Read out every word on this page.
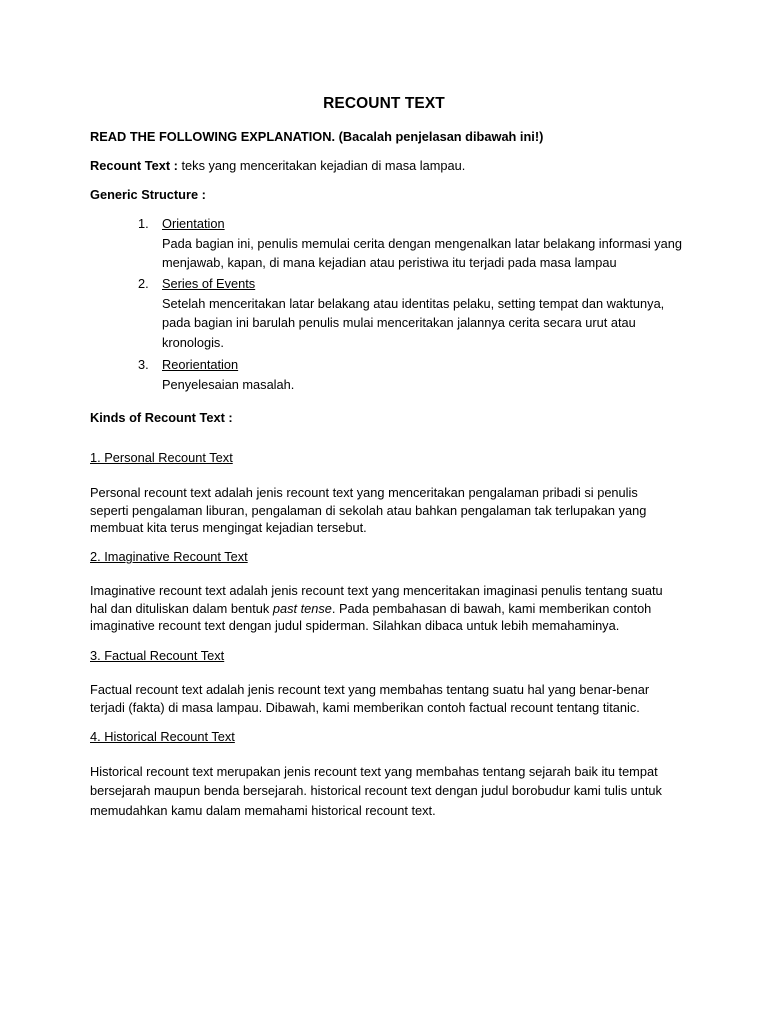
RECOUNT TEXT
READ THE FOLLOWING EXPLANATION. (Bacalah penjelasan dibawah ini!)
Recount Text : teks yang menceritakan kejadian di masa lampau.
Generic Structure :
1. Orientation
Pada bagian ini, penulis memulai cerita dengan mengenalkan latar belakang informasi yang
menjawab, kapan, di mana kejadian atau peristiwa itu terjadi pada masa lampau
2. Series of Events
Setelah menceritakan latar belakang atau identitas pelaku, setting tempat dan waktunya,
pada bagian ini barulah penulis mulai menceritakan jalannya cerita secara urut atau
kronologis.
3. Reorientation
Penyelesaian masalah.
Kinds of Recount Text :
1. Personal Recount Text
Personal recount text adalah jenis recount text yang menceritakan pengalaman pribadi si penulis
seperti pengalaman liburan, pengalaman di sekolah atau bahkan pengalaman tak terlupakan yang
membuat kita terus mengingat kejadian tersebut.
2. Imaginative Recount Text
Imaginative recount text adalah jenis recount text yang menceritakan imaginasi penulis tentang suatu
hal dan dituliskan dalam bentuk past tense. Pada pembahasan di bawah, kami memberikan contoh
imaginative recount text dengan judul spiderman. Silahkan dibaca untuk lebih memahaminya.
3. Factual Recount Text
Factual recount text adalah jenis recount text yang membahas tentang suatu hal yang benar-benar
terjadi (fakta) di masa lampau. Dibawah, kami memberikan contoh factual recount tentang titanic.
4. Historical Recount Text
Historical recount text merupakan jenis recount text yang membahas tentang sejarah baik itu tempat
bersejarah maupun benda bersejarah. historical recount text dengan judul borobudur kami tulis untuk
memudahkan kamu dalam memahami historical recount text.
